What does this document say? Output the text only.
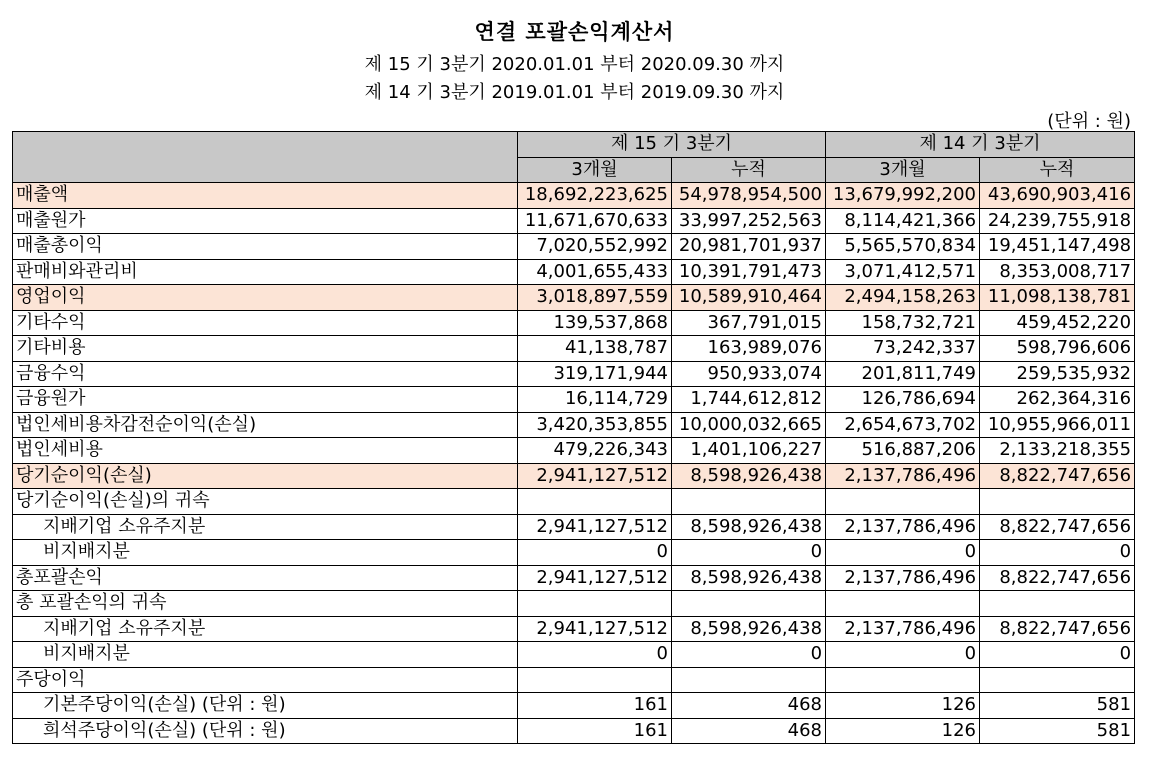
연결 포괄손익계산서
제 15 기 3분기 2020.01.01 부터 2020.09.30 까지
제 14 기 3분기 2019.01.01 부터 2019.09.30 까지
(단위 : 원)
	제 15 기 3분기		제 14 기 3분기	
	3개월	누적	3개월	누적
매출액	18,692,223,625	54,978,954,500	13,679,992,200	43,690,903,416
매출원가	11,671,670,633	33,997,252,563	8,114,421,366	24,239,755,918
매출총이익	7,020,552,992	20,981,701,937	5,565,570,834	19,451,147,498
판매비와관리비	4,001,655,433	10,391,791,473	3,071,412,571	8,353,008,717
영업이익	3,018,897,559	10,589,910,464	2,494,158,263	11,098,138,781
기타수익	139,537,868	367,791,015	158,732,721	459,452,220
기타비용	41,138,787	163,989,076	73,242,337	598,796,606
금융수익	319,171,944	950,933,074	201,811,749	259,535,932
금융원가	16,114,729	1,744,612,812	126,786,694	262,364,316
법인세비용차감전순이익(손실)	3,420,353,855	10,000,032,665	2,654,673,702	10,955,966,011
법인세비용	479,226,343	1,401,106,227	516,887,206	2,133,218,355
당기순이익(손실)	2,941,127,512	8,598,926,438	2,137,786,496	8,822,747,656
당기순이익(손실)의 귀속				
지배기업 소유주지분	2,941,127,512	8,598,926,438	2,137,786,496	8,822,747,656
비지배지분	0	0	0	0
총포괄손익	2,941,127,512	8,598,926,438	2,137,786,496	8,822,747,656
총 포괄손익의 귀속				
지배기업 소유주지분	2,941,127,512	8,598,926,438	2,137,786,496	8,822,747,656
비지배지분	0	0	0	0
주당이익				
기본주당이익(손실) (단위 : 원)	161	468	126	581
희석주당이익(손실) (단위 : 원)	161	468	126	581
